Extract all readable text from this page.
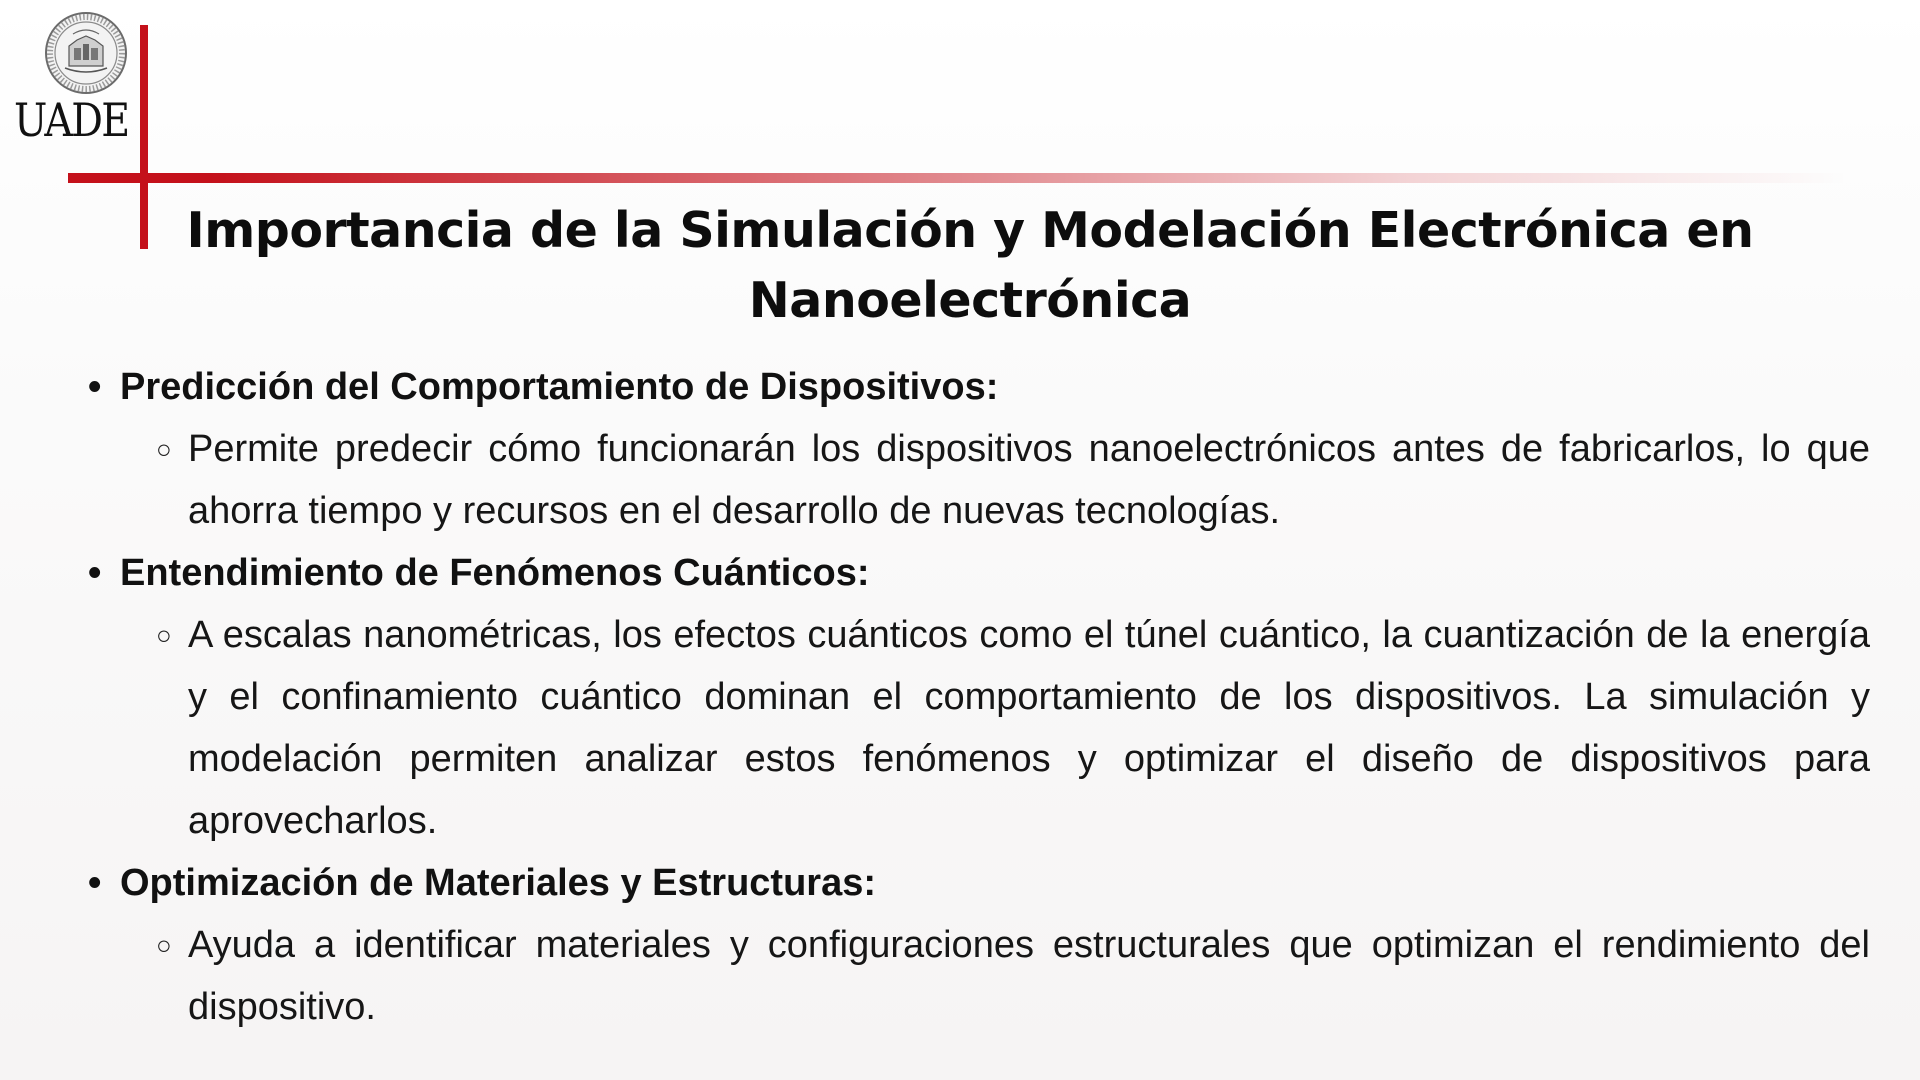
UADE
Importancia de la Simulación y Modelación Electrónica en Nanoelectrónica
• Predicción del Comportamiento de Dispositivos:
○ Permite predecir cómo funcionarán los dispositivos nanoelectrónicos antes de fabricarlos, lo que ahorra tiempo y recursos en el desarrollo de nuevas tecnologías.
• Entendimiento de Fenómenos Cuánticos:
○ A escalas nanométricas, los efectos cuánticos como el túnel cuántico, la cuantización de la energía y el confinamiento cuántico dominan el comportamiento de los dispositivos. La simulación y modelación permiten analizar estos fenómenos y optimizar el diseño de dispositivos para aprovecharlos.
• Optimización de Materiales y Estructuras:
○ Ayuda a identificar materiales y configuraciones estructurales que optimizan el rendimiento del dispositivo.
